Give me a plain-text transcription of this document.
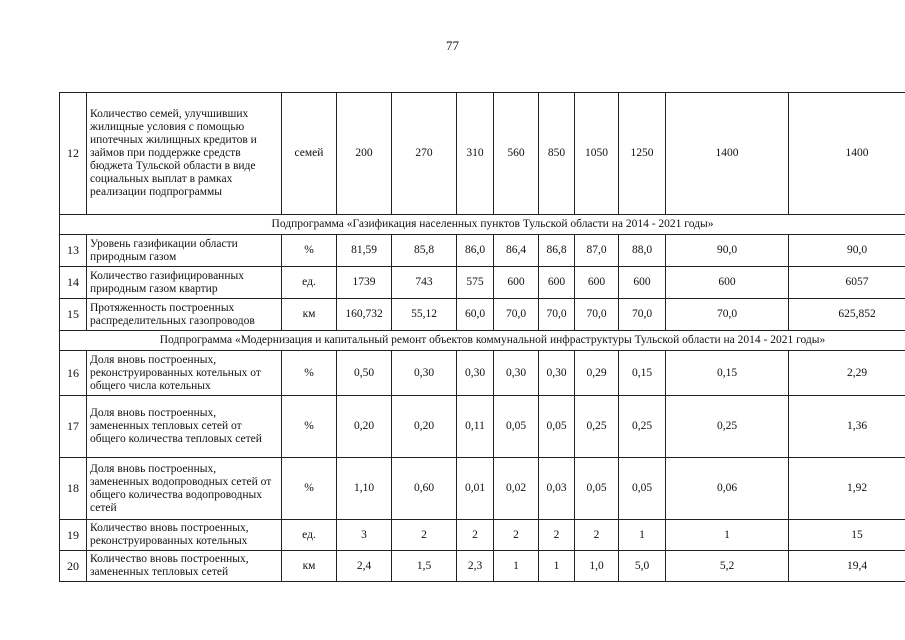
77
12	Количество семей, улучшивших жилищные условия с помощью ипотечных жилищных кредитов и займов при поддержке средств бюджета Тульской области в виде социальных выплат в рамках реализации подпрограммы	семей	200	270	310	560	850	1050	1250	1400	1400
Подпрограмма «Газификация населенных пунктов Тульской области на 2014 - 2021 годы»											
13	Уровень газификации области природным газом	%	81,59	85,8	86,0	86,4	86,8	87,0	88,0	90,0	90,0
14	Количество газифицированных природным газом квартир	ед.	1739	743	575	600	600	600	600	600	6057
15	Протяженность построенных распределительных газопроводов	км	160,732	55,12	60,0	70,0	70,0	70,0	70,0	70,0	625,852
Подпрограмма «Модернизация и капитальный ремонт объектов коммунальной инфраструктуры Тульской области на 2014 - 2021 годы»											
16	Доля вновь построенных, реконструированных котельных от общего числа котельных	%	0,50	0,30	0,30	0,30	0,30	0,29	0,15	0,15	2,29
17	Доля вновь построенных, замененных тепловых сетей от общего количества тепловых сетей	%	0,20	0,20	0,11	0,05	0,05	0,25	0,25	0,25	1,36
18	Доля вновь построенных, замененных водопроводных сетей от общего количества водопроводных сетей	%	1,10	0,60	0,01	0,02	0,03	0,05	0,05	0,06	1,92
19	Количество вновь построенных, реконструированных котельных	ед.	3	2	2	2	2	2	1	1	15
20	Количество вновь построенных, замененных тепловых сетей	км	2,4	1,5	2,3	1	1	1,0	5,0	5,2	19,4
